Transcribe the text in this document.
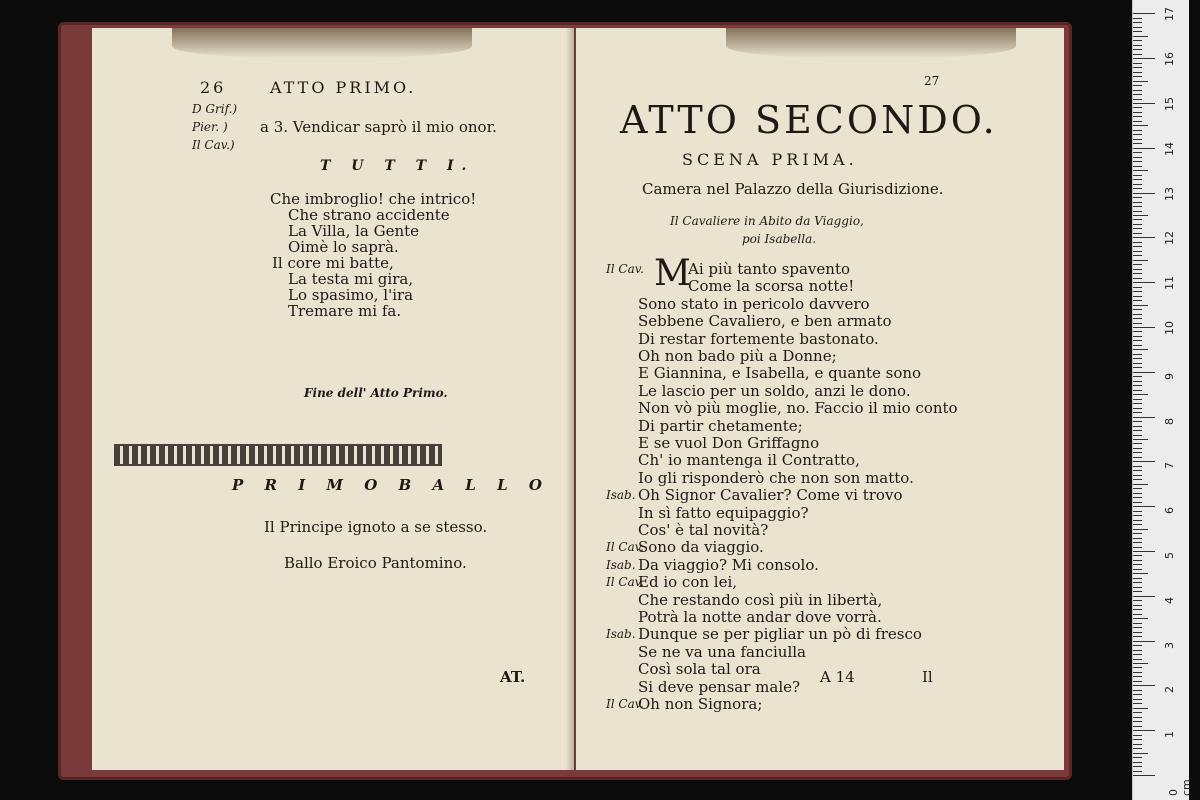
26	ATTO PRIMO.
D Grif.)
Pier. )
Il Cav.)
a 3. Vendicar saprò il mio onor.
T U T T I.
Che imbroglio! che intrico!
Che strano accidente
La Villa, la Gente
Oimè lo saprà.
Il core mi batte,
La testa mi gira,
Lo spasimo, l'ira
Tremare mi fa.
Fine dell' Atto Primo.
P R I M O B A L L O
Il Principe ignoto a se stesso.
Ballo Eroico Pantomino.
AT.
27
ATTO SECONDO.
SCENA PRIMA.
Camera nel Palazzo della Giurisdizione.
Il Cavaliere in Abito da Viaggio,
poi Isabella.
A 14	Il
Il Cav. M
Ai più tanto spavento
Come la scorsa notte!
Sono stato in pericolo davvero
Sebbene Cavaliero, e ben armato
Di restar fortemente bastonato.
Oh non bado più a Donne;
E Giannina, e Isabella, e quante sono
Le lascio per un soldo, anzi le dono.
Non vò più moglie, no. Faccio il mio conto
Di partir chetamente;
E se vuol Don Griffagno
Ch' io mantenga il Contratto,
Io gli risponderò che non son matto.
Isab. Oh Signor Cavalier? Come vi trovo
In sì fatto equipaggio?
Cos' è tal novità?
Il Cav.
Sono da viaggio.
Isab. Da viaggio? Mi consolo.
Il Cav.
Ed io con lei,
Che restando così più in libertà,
Potrà la notte andar dove vorrà.
Isab. Dunque se per pigliar un pò di fresco
Se ne va una fanciulla
Così sola tal ora
Si deve pensar male?
Il Cav.
Oh non Signora;
0 cm
1
2
3
4
5
6
7
8
9
10
11
12
13
14
15
16
17
